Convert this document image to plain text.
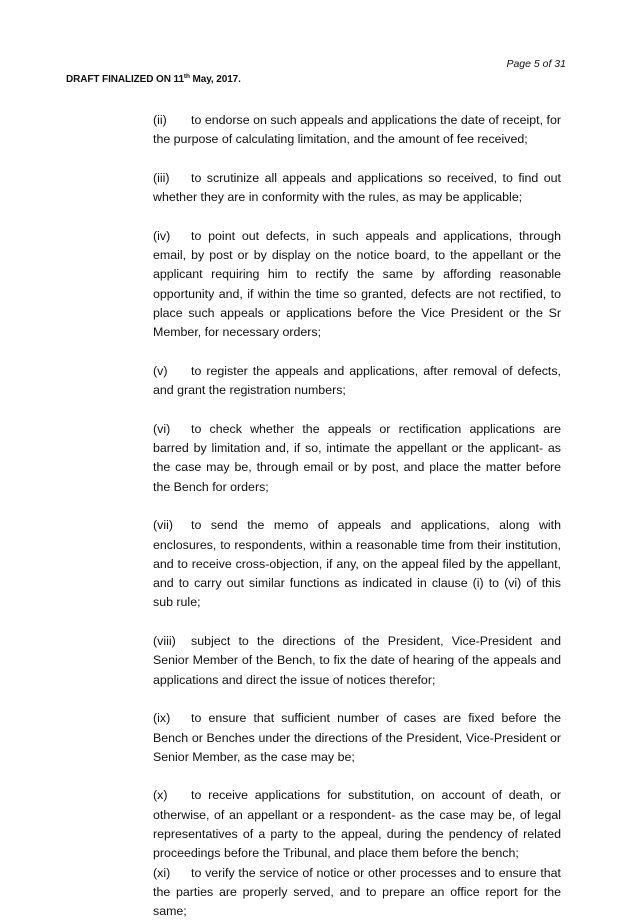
Page 5 of 31
DRAFT FINALIZED ON 11th May, 2017.

(ii) to endorse on such appeals and applications the date of receipt, for the purpose of calculating limitation, and the amount of fee received;

(iii) to scrutinize all appeals and applications so received, to find out whether they are in conformity with the rules, as may be applicable;

(iv) to point out defects, in such appeals and applications, through email, by post or by display on the notice board, to the appellant or the applicant requiring him to rectify the same by affording reasonable opportunity and, if within the time so granted, defects are not rectified, to place such appeals or applications before the Vice President or the Sr Member, for necessary orders;

(v) to register the appeals and applications, after removal of defects, and grant the registration numbers;

(vi) to check whether the appeals or rectification applications are barred by limitation and, if so, intimate the appellant or the applicant- as the case may be, through email or by post, and place the matter before the Bench for orders;

(vii) to send the memo of appeals and applications, along with enclosures, to respondents, within a reasonable time from their institution, and to receive cross-objection, if any, on the appeal filed by the appellant, and to carry out similar functions as indicated in clause (i) to (vi) of this sub rule;

(viii) subject to the directions of the President, Vice-President and Senior Member of the Bench, to fix the date of hearing of the appeals and applications and direct the issue of notices therefor;

(ix) to ensure that sufficient number of cases are fixed before the Bench or Benches under the directions of the President, Vice-President or Senior Member, as the case may be;

(x) to receive applications for substitution, on account of death, or otherwise, of an appellant or a respondent- as the case may be, of legal representatives of a party to the appeal, during the pendency of related proceedings before the Tribunal, and place them before the bench;

(xi) to verify the service of notice or other processes and to ensure that the parties are properly served, and to prepare an office report for the same;
